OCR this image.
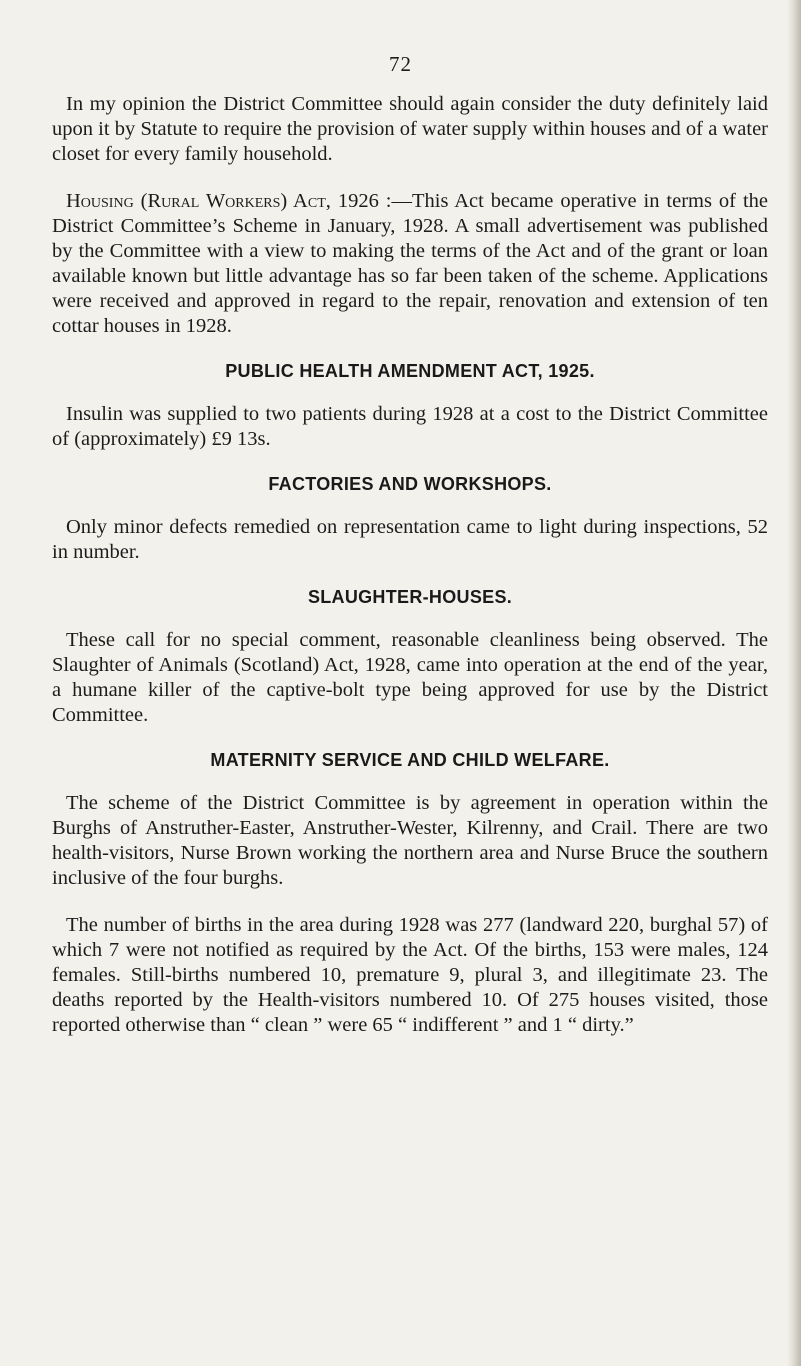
72

In my opinion the District Committee should again consider the duty definitely laid upon it by Statute to require the provision of water supply within houses and of a water closet for every family household.

Housing (Rural Workers) Act, 1926 :—This Act became operative in terms of the District Committee’s Scheme in January, 1928. A small advertisement was published by the Committee with a view to making the terms of the Act and of the grant or loan available known but little advantage has so far been taken of the scheme. Applications were received and approved in regard to the repair, renovation and extension of ten cottar houses in 1928.

PUBLIC HEALTH AMENDMENT ACT, 1925.

Insulin was supplied to two patients during 1928 at a cost to the District Committee of (approximately) £9 13s.

FACTORIES AND WORKSHOPS.

Only minor defects remedied on representation came to light during inspections, 52 in number.

SLAUGHTER-HOUSES.

These call for no special comment, reasonable cleanliness being observed. The Slaughter of Animals (Scotland) Act, 1928, came into operation at the end of the year, a humane killer of the captive-bolt type being approved for use by the District Committee.

MATERNITY SERVICE AND CHILD WELFARE.

The scheme of the District Committee is by agreement in operation within the Burghs of Anstruther-Easter, Anstruther-Wester, Kilrenny, and Crail. There are two health-visitors, Nurse Brown working the northern area and Nurse Bruce the southern inclusive of the four burghs.

The number of births in the area during 1928 was 277 (landward 220, burghal 57) of which 7 were not notified as required by the Act. Of the births, 153 were males, 124 females. Still-births numbered 10, premature 9, plural 3, and illegitimate 23. The deaths reported by the Health-visitors numbered 10. Of 275 houses visited, those reported otherwise than “ clean ” were 65 “ indifferent ” and 1 “ dirty.”
